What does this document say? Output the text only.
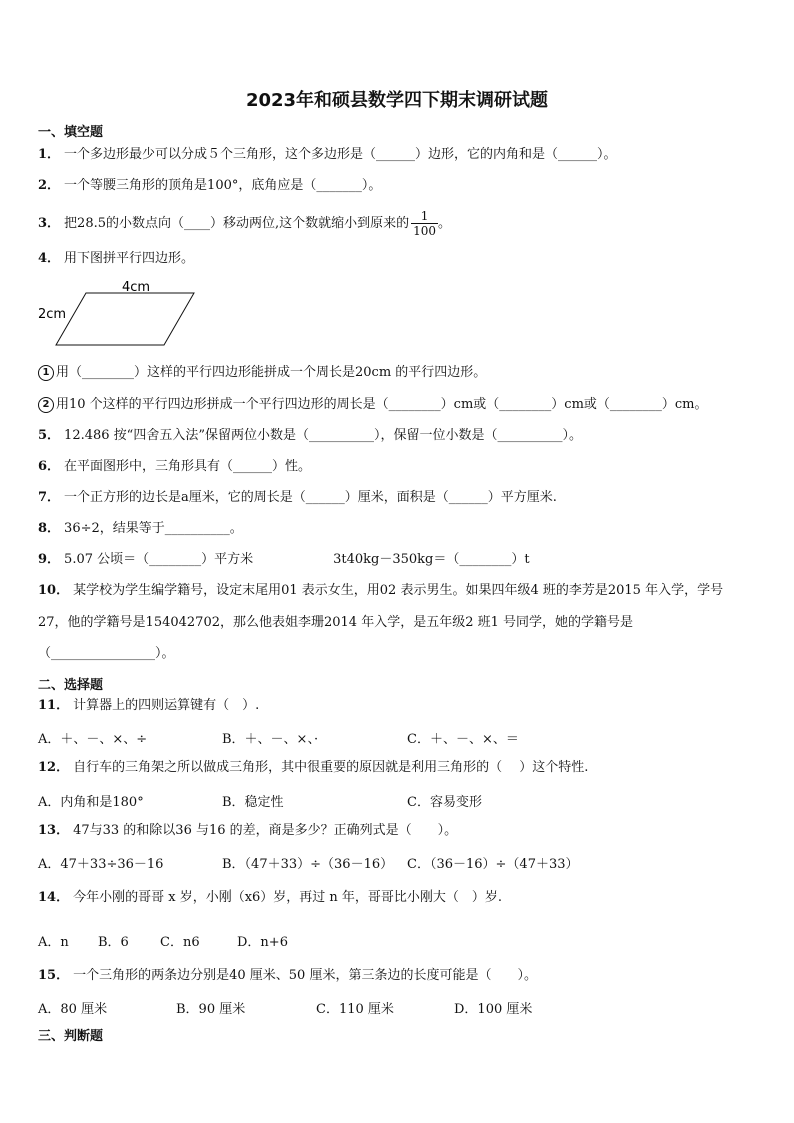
2023年和硕县数学四下期末调研试题
一、填空题
1． 一个多边形最少可以分成５个三角形，这个多边形是（______）边形，它的内角和是（______）。
2． 一个等腰三角形的顶角是100°，底角应是（_______）。
3． 把28.5的小数点向（____）移动两位,这个数就缩小到原来的 $\frac{1}{100}$ 。
4． 用下图拼平行四边形。
4cm
2cm
1 用（________）这样的平行四边形能拼成一个周长是20cm 的平行四边形。
2 用10 个这样的平行四边形拼成一个平行四边形的周长是（________）cm或（________）cm或（________）cm。
5． 12.486 按“四舍五入法”保留两位小数是（__________），保留一位小数是（__________）。
6． 在平面图形中，三角形具有（______）性。
7． 一个正方形的边长是a厘米，它的周长是（______）厘米，面积是（______）平方厘米.
8． 36÷2，结果等于__________。
9． 5.07 公顷＝（________）平方米	3t40kg－350kg＝（________）t
10． 某学校为学生编学籍号，设定末尾用01 表示女生，用02 表示男生。如果四年级4 班的李芳是2015 年入学，学号
27，他的学籍号是154042702，那么他表姐李珊2014 年入学，是五年级2 班1 号同学，她的学籍号是
（________________）。
二、选择题
11． 计算器上的四则运算键有（　）.
A．＋、－、×、÷	B．＋、－、×、·	C．＋、－、×、＝
12． 自行车的三角架之所以做成三角形，其中很重要的原因就是利用三角形的（　 ）这个特性.
A．内角和是180°	B．稳定性	C．容易变形
13． 47与33 的和除以36 与16 的差，商是多少？正确列式是（　　）。
A．47＋33÷36－16	B．（47＋33）÷（36－16） C．（36－16）÷（47＋33）
14． 今年小刚的哥哥 x 岁，小刚（x6）岁，再过 n 年，哥哥比小刚大（　）岁.
A．n B．6 C．n6	D．n+6
15． 一个三角形的两条边分别是40 厘米、50 厘米，第三条边的长度可能是（　　）。
A．80 厘米	B．90 厘米	C．110 厘米	D．100 厘米
三、判断题
